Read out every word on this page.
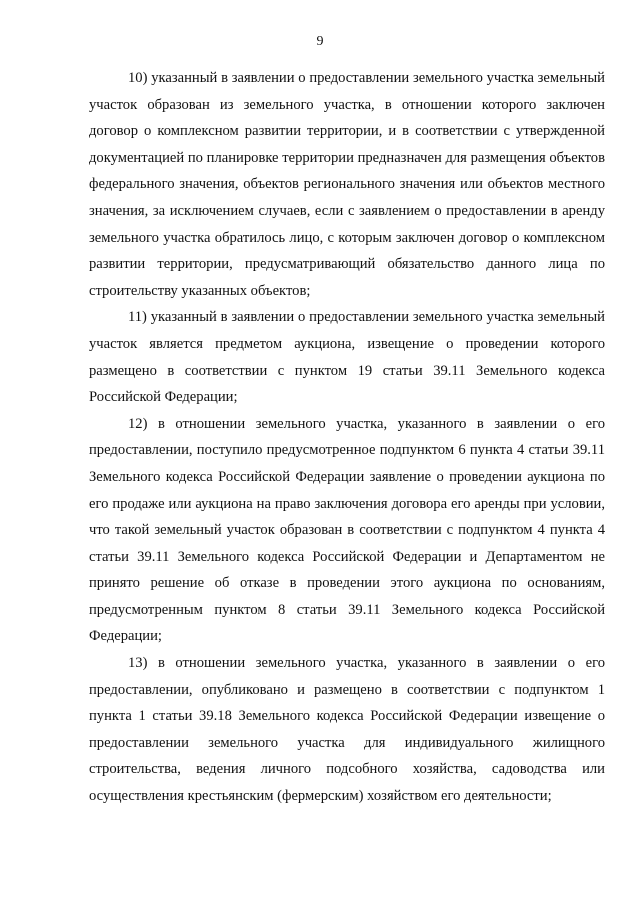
9

10) указанный в заявлении о предоставлении земельного участка земельный участок образован из земельного участка, в отношении которого заключен договор о комплексном развитии территории, и в соответствии с утвержденной документацией по планировке территории предназначен для размещения объектов федерального значения, объектов регионального значения или объектов местного значения, за исключением случаев, если с заявлением о предоставлении в аренду земельного участка обратилось лицо, с которым заключен договор о комплексном развитии территории, предусматривающий обязательство данного лица по строительству указанных объектов;

11) указанный в заявлении о предоставлении земельного участка земельный участок является предметом аукциона, извещение о проведении которого размещено в соответствии с пунктом 19 статьи 39.11 Земельного кодекса Российской Федерации;

12) в отношении земельного участка, указанного в заявлении о его предоставлении, поступило предусмотренное подпунктом 6 пункта 4 статьи 39.11 Земельного кодекса Российской Федерации заявление о проведении аукциона по его продаже или аукциона на право заключения договора его аренды при условии, что такой земельный участок образован в соответствии с подпунктом 4 пункта 4 статьи 39.11 Земельного кодекса Российской Федерации и Департаментом не принято решение об отказе в проведении этого аукциона по основаниям, предусмотренным пунктом 8 статьи 39.11 Земельного кодекса Российской Федерации;

13) в отношении земельного участка, указанного в заявлении о его предоставлении, опубликовано и размещено в соответствии с подпунктом 1 пункта 1 статьи 39.18 Земельного кодекса Российской Федерации извещение о предоставлении земельного участка для индивидуального жилищного строительства, ведения личного подсобного хозяйства, садоводства или осуществления крестьянским (фермерским) хозяйством его деятельности;
